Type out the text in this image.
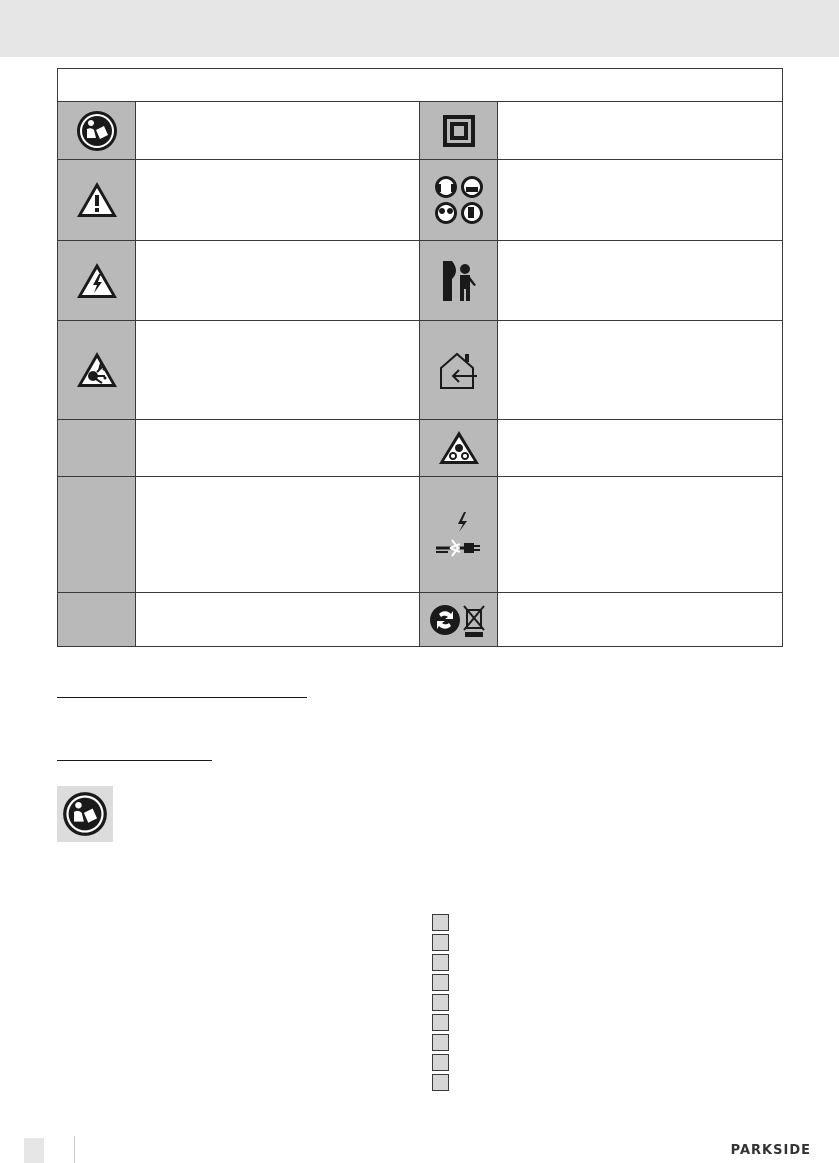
PARKSIDE
